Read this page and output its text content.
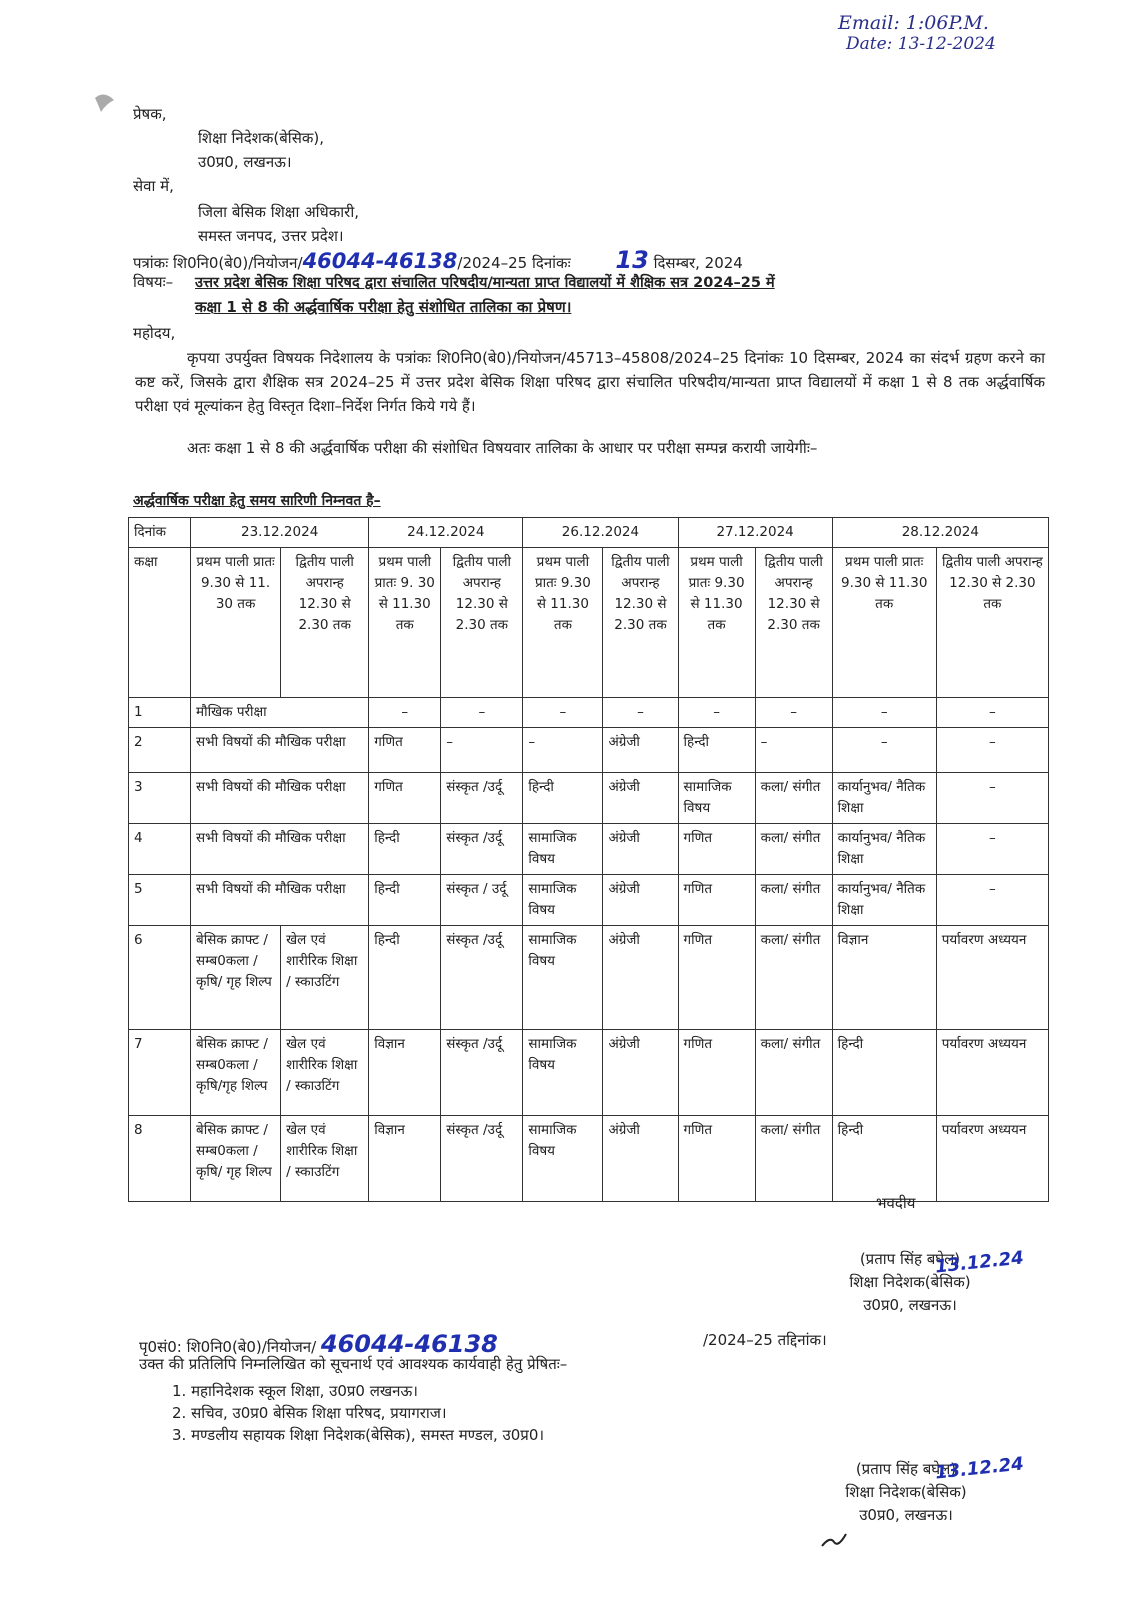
Email: 1:06P.M.
Date: 13-12-2024
प्रेषक,
शिक्षा निदेशक(बेसिक),
उ0प्र0, लखनऊ।
सेवा में,
जिला बेसिक शिक्षा अधिकारी,
समस्त जनपद, उत्तर प्रदेश।
पत्रांकः शि0नि0(बे0)/नियोजन/46044-46138/2024–25 दिनांकः 13 दिसम्बर, 2024
विषयः– उत्तर प्रदेश बेसिक शिक्षा परिषद द्वारा संचालित परिषदीय/मान्यता प्राप्त विद्यालयों में शैक्षिक सत्र 2024–25 में
कक्षा 1 से 8 की अर्द्धवार्षिक परीक्षा हेतु संशोधित तालिका का प्रेषण।
महोदय,
कृपया उपर्युक्त विषयक निदेशालय के पत्रांकः शि0नि0(बे0)/नियोजन/45713–45808/2024–25 दिनांकः 10 दिसम्बर, 2024 का संदर्भ ग्रहण करने का कष्ट करें, जिसके द्वारा शैक्षिक सत्र 2024–25 में उत्तर प्रदेश बेसिक शिक्षा परिषद द्वारा संचालित परिषदीय/मान्यता प्राप्त विद्यालयों में कक्षा 1 से 8 तक अर्द्धवार्षिक परीक्षा एवं मूल्यांकन हेतु विस्तृत दिशा–निर्देश निर्गत किये गये हैं।
अतः कक्षा 1 से 8 की अर्द्धवार्षिक परीक्षा की संशोधित विषयवार तालिका के आधार पर परीक्षा सम्पन्न करायी जायेगीः–
अर्द्धवार्षिक परीक्षा हेतु समय सारिणी निम्नवत है–
दिनांक	23.12.2024		24.12.2024		26.12.2024		27.12.2024		28.12.2024	
कक्षा	प्रथम पाली प्रातः 9.30 से 11. 30 तक	द्वितीय पाली अपरान्ह 12.30 से 2.30 तक	प्रथम पाली प्रातः 9. 30 से 11.30 तक	द्वितीय पाली अपरान्ह 12.30 से 2.30 तक	प्रथम पाली प्रातः 9.30 से 11.30 तक	द्वितीय पाली अपरान्ह 12.30 से 2.30 तक	प्रथम पाली प्रातः 9.30 से 11.30 तक	द्वितीय पाली अपरान्ह 12.30 से 2.30 तक	प्रथम पाली प्रातः 9.30 से 11.30 तक	द्वितीय पाली अपरान्ह 12.30 से 2.30 तक
1	मौखिक परीक्षा		–	–	–	–	–	–	–	–
2	सभी विषयों की मौखिक परीक्षा		गणित	–	–	अंग्रेजी	हिन्दी	–	–	–
3	सभी विषयों की मौखिक परीक्षा		गणित	संस्कृत /उर्दू	हिन्दी	अंग्रेजी	सामाजिक विषय	कला/ संगीत	कार्यानुभव/ नैतिक शिक्षा	–
4	सभी विषयों की मौखिक परीक्षा		हिन्दी	संस्कृत /उर्दू	सामाजिक विषय	अंग्रेजी	गणित	कला/ संगीत	कार्यानुभव/ नैतिक शिक्षा	–
5	सभी विषयों की मौखिक परीक्षा		हिन्दी	संस्कृत / उर्दू	सामाजिक विषय	अंग्रेजी	गणित	कला/ संगीत	कार्यानुभव/ नैतिक शिक्षा	–
6	बेसिक क्राफ्ट /सम्ब0कला /कृषि/ गृह शिल्प	खेल एवं शारीरिक शिक्षा / स्काउटिंग	हिन्दी	संस्कृत /उर्दू	सामाजिक विषय	अंग्रेजी	गणित	कला/ संगीत	विज्ञान	पर्यावरण अध्ययन
7	बेसिक क्राफ्ट /सम्ब0कला /कृषि/गृह शिल्प	खेल एवं शारीरिक शिक्षा / स्काउटिंग	विज्ञान	संस्कृत /उर्दू	सामाजिक विषय	अंग्रेजी	गणित	कला/ संगीत	हिन्दी	पर्यावरण अध्ययन
8	बेसिक क्राफ्ट /सम्ब0कला /कृषि/ गृह शिल्प	खेल एवं शारीरिक शिक्षा / स्काउटिंग	विज्ञान	संस्कृत /उर्दू	सामाजिक विषय	अंग्रेजी	गणित	कला/ संगीत	हिन्दी	पर्यावरण अध्ययन
भवदीय
(प्रताप सिंह बघेल)
शिक्षा निदेशक(बेसिक)
उ0प्र0, लखनऊ।
13.12.24
पृ0सं0: शि0नि0(बे0)/नियोजन/ 46044-46138	/2024–25 तद्दिनांक।
उक्त की प्रतिलिपि निम्नलिखित को सूचनार्थ एवं आवश्यक कार्यवाही हेतु प्रेषितः–
1. महानिदेशक स्कूल शिक्षा, उ0प्र0 लखनऊ।
2. सचिव, उ0प्र0 बेसिक शिक्षा परिषद, प्रयागराज।
3. मण्डलीय सहायक शिक्षा निदेशक(बेसिक), समस्त मण्डल, उ0प्र0।
(प्रताप सिंह बघेल)
शिक्षा निदेशक(बेसिक)
उ0प्र0, लखनऊ।
13.12.24
